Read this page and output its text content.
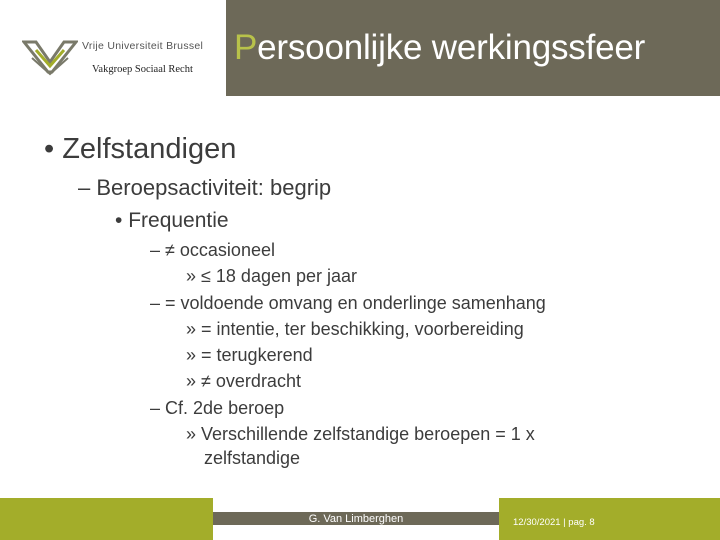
Vrije Universiteit Brussel
Vakgroep Sociaal Recht
Persoonlijke werkingssfeer
• Zelfstandigen
– Beroepsactiviteit: begrip
• Frequentie
– ≠ occasioneel
» ≤ 18 dagen per jaar
– = voldoende omvang en onderlinge samenhang
» = intentie, ter beschikking, voorbereiding
» = terugkerend
» ≠ overdracht
– Cf. 2de beroep
» Verschillende zelfstandige beroepen = 1 x
zelfstandige
G. Van Limberghen	12/30/2021 | pag. 8
